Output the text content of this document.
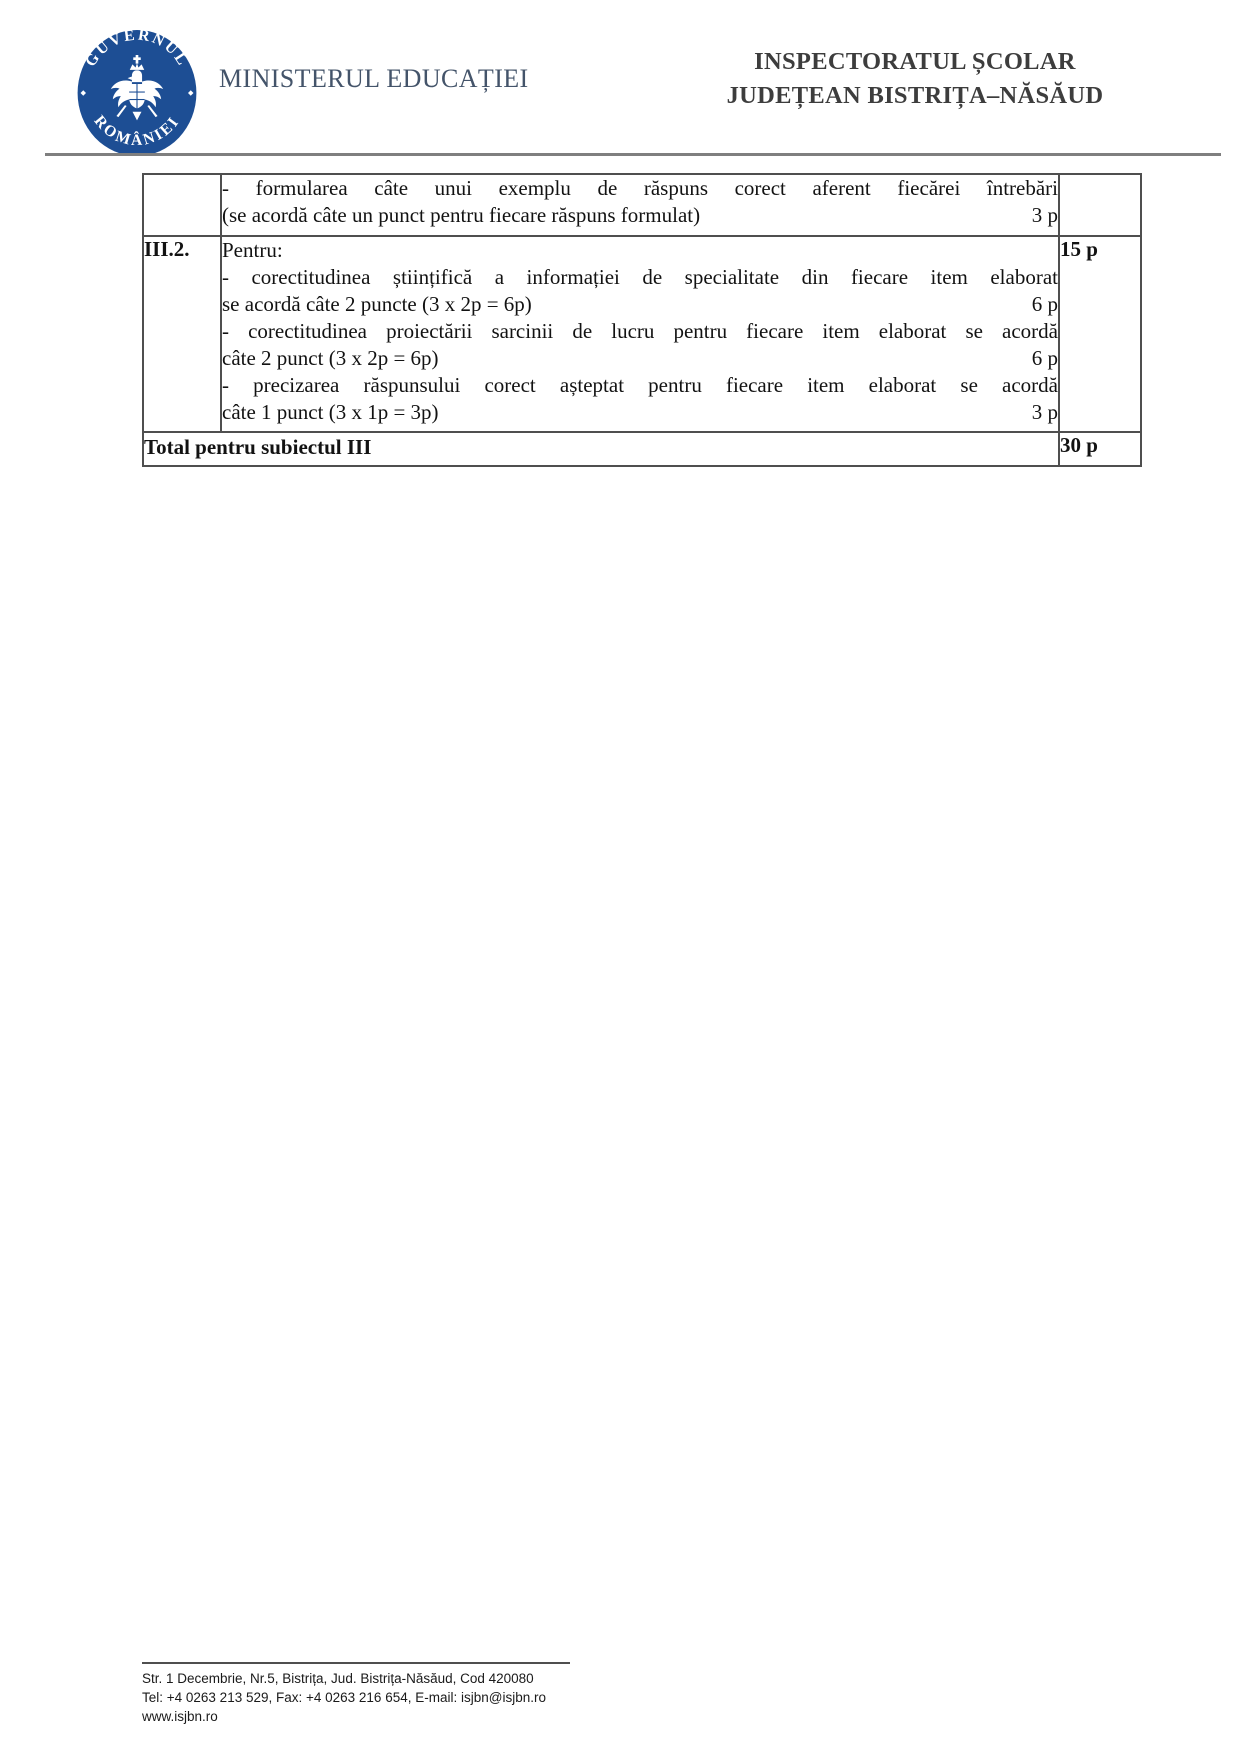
GUVERNUL
ROMÂNIEI
MINISTERUL EDUCAȚIEI
INSPECTORATUL ȘCOLAR
JUDEȚEAN BISTRIȚA–NĂSĂUD

	- formularea câte unui exemplu de răspuns corect aferent fiecărei întrebări
(se acordă câte un punct pentru fiecare răspuns formulat) 3 p	

III.2.	Pentru:
- corectitudinea științifică a informației de specialitate din fiecare item elaborat
se acordă câte 2 puncte (3 x 2p = 6p)	6 p
- corectitudinea proiectării sarcinii de lucru pentru fiecare item elaborat se acordă
câte 2 punct (3 x 2p = 6p)	6 p
- precizarea răspunsului corect așteptat pentru fiecare item elaborat se acordă
câte 1 punct (3 x 1p = 3p)	3 p
	15 p
Total pentru subiectul III		30 p
Str. 1 Decembrie, Nr.5, Bistrița, Jud. Bistrița-Năsăud, Cod 420080
Tel: +4 0263 213 529, Fax: +4 0263 216 654, E-mail: isjbn@isjbn.ro
www.isjbn.ro
